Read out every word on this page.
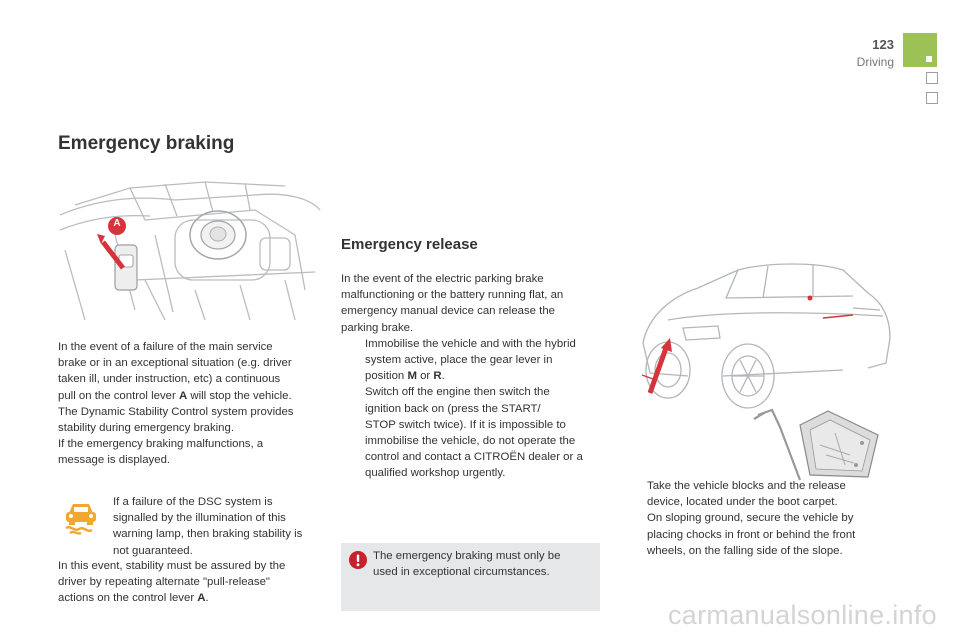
123
Driving
Emergency braking
A
In the event of a failure of the main service
brake or in an exceptional situation (e.g. driver
taken ill, under instruction, etc) a continuous
pull on the control lever A will stop the vehicle.
The Dynamic Stability Control system provides
stability during emergency braking.
If the emergency braking malfunctions, a
message is displayed.
If a failure of the DSC system is
signalled by the illumination of this
warning lamp, then braking stability is
not guaranteed.
In this event, stability must be assured by the
driver by repeating alternate "pull-release"
actions on the control lever A.
Emergency release
In the event of the electric parking brake
malfunctioning or the battery running flat, an
emergency manual device can release the
parking brake.
Immobilise the vehicle and with the hybrid
system active, place the gear lever in
position M or R.
Switch off the engine then switch the
ignition back on (press the START/
STOP switch twice). If it is impossible to
immobilise the vehicle, do not operate the
control and contact a CITROËN dealer or a
qualified workshop urgently.
The emergency braking must only be
used in exceptional circumstances.
Take the vehicle blocks and the release
device, located under the boot carpet.
On sloping ground, secure the vehicle by
placing chocks in front or behind the front
wheels, on the falling side of the slope.
carmanualsonline.info
